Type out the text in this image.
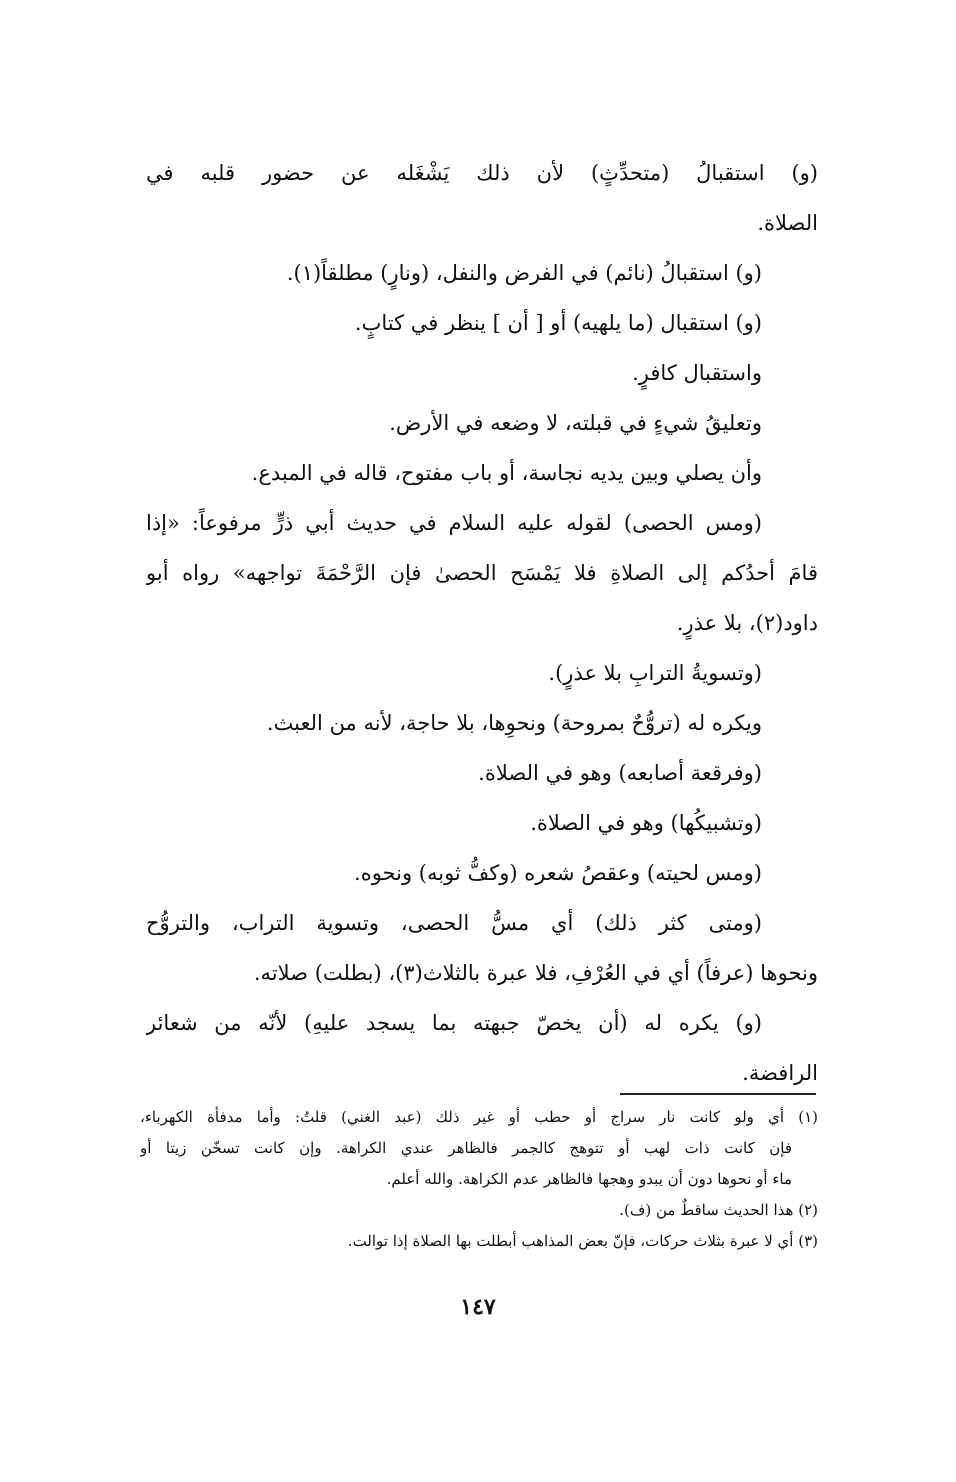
(و) استقبالُ (متحدِّثٍ) لأن ذلك يَشْغَله عن حضور قلبه في
الصلاة.
(و) استقبالُ (نائم) في الفرض والنفل، (ونارٍ) مطلقاً(١).
(و) استقبال (ما يلهيه) أو [ أن ] ينظر في كتابٍ.
واستقبال كافرٍ.
وتعليقُ شيءٍ في قبلته، لا وضعه في الأرض.
وأن يصلي وبين يديه نجاسة، أو باب مفتوح، قاله في المبدع.
(ومس الحصى) لقوله عليه السلام في حديث أبي ذرٍّ مرفوعاً: «إذا
قامَ أحدُكم إلى الصلاةِ فلا يَمْسَح الحصىٰ فإن الرَّحْمَةَ تواجهه» رواه أبو
داود(٢)، بلا عذرٍ.
(وتسويةُ الترابِ بلا عذرٍ).
ويكره له (تروُّحٌ بمروحة) ونحوِها، بلا حاجة، لأنه من العبث.
(وفرقعة أصابعه) وهو في الصلاة.
(وتشبيكُها) وهو في الصلاة.
(ومس لحيته) وعقصُ شعره (وكفُّ ثوبه) ونحوه.
(ومتى كثر ذلك) أي مسُّ الحصى، وتسوية التراب، والتروُّح
ونحوها (عرفاً) أي في العُرْفِ، فلا عبرة بالثلاث(٣)، (بطلت) صلاته.
(و) يكره له (أن يخصّ جبهته بما يسجد عليهِ) لأنّه من شعائر
الرافضة.
(١) أي ولو كانت نار سراج أو حطب أو غير ذلك (عبد الغني) قلتُ: وأما مدفأة الكهرباء،
فإن كانت ذات لهب أو تتوهج كالجمر فالظاهر عندي الكراهة. وإن كانت تسخّن زيتا أو
ماء أو نحوها دون أن يبدو وهجها فالظاهر عدم الكراهة. والله أعلم.
(٢) هذا الحديث ساقطٌ من (ف).
(٣) أي لا عبرة بثلاث حركات، فإنّ بعض المذاهب أبطلت بها الصلاة إذا توالت.
١٤٧
